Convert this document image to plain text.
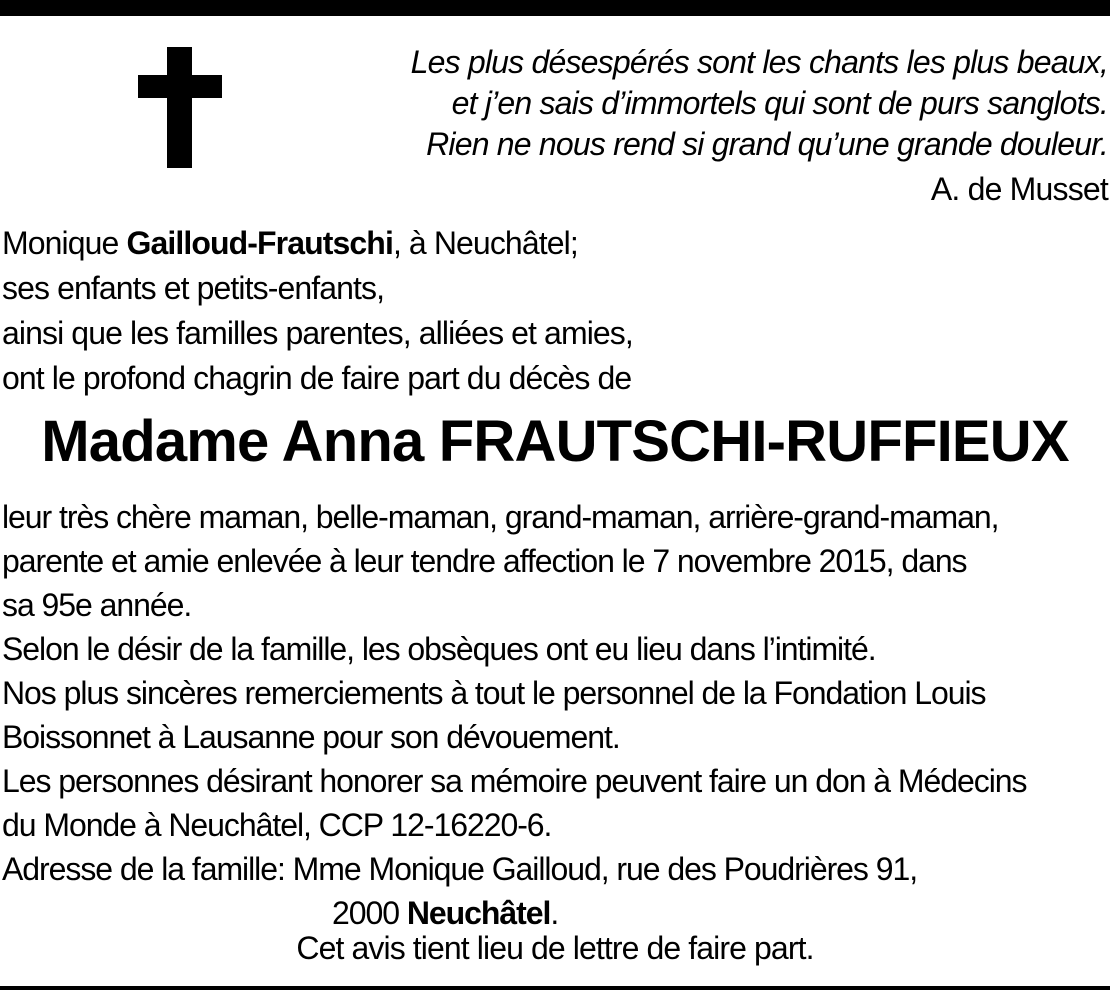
Les plus désespérés sont les chants les plus beaux,
et j’en sais d’immortels qui sont de purs sanglots.
Rien ne nous rend si grand qu’une grande douleur.
A. de Musset
Monique Gailloud-Frautschi, à Neuchâtel;
ses enfants et petits-enfants,
ainsi que les familles parentes, alliées et amies,
ont le profond chagrin de faire part du décès de
Madame Anna FRAUTSCHI-RUFFIEUX
leur très chère maman, belle-maman, grand-maman, arrière-grand-maman,
parente et amie enlevée à leur tendre affection le 7 novembre 2015, dans
sa 95e année.
Selon le désir de la famille, les obsèques ont eu lieu dans l’intimité.
Nos plus sincères remerciements à tout le personnel de la Fondation Louis
Boissonnet à Lausanne pour son dévouement.
Les personnes désirant honorer sa mémoire peuvent faire un don à Médecins
du Monde à Neuchâtel, CCP 12-16220-6.
Adresse de la famille: Mme Monique Gailloud, rue des Poudrières 91,
2000 Neuchâtel.
Cet avis tient lieu de lettre de faire part.
